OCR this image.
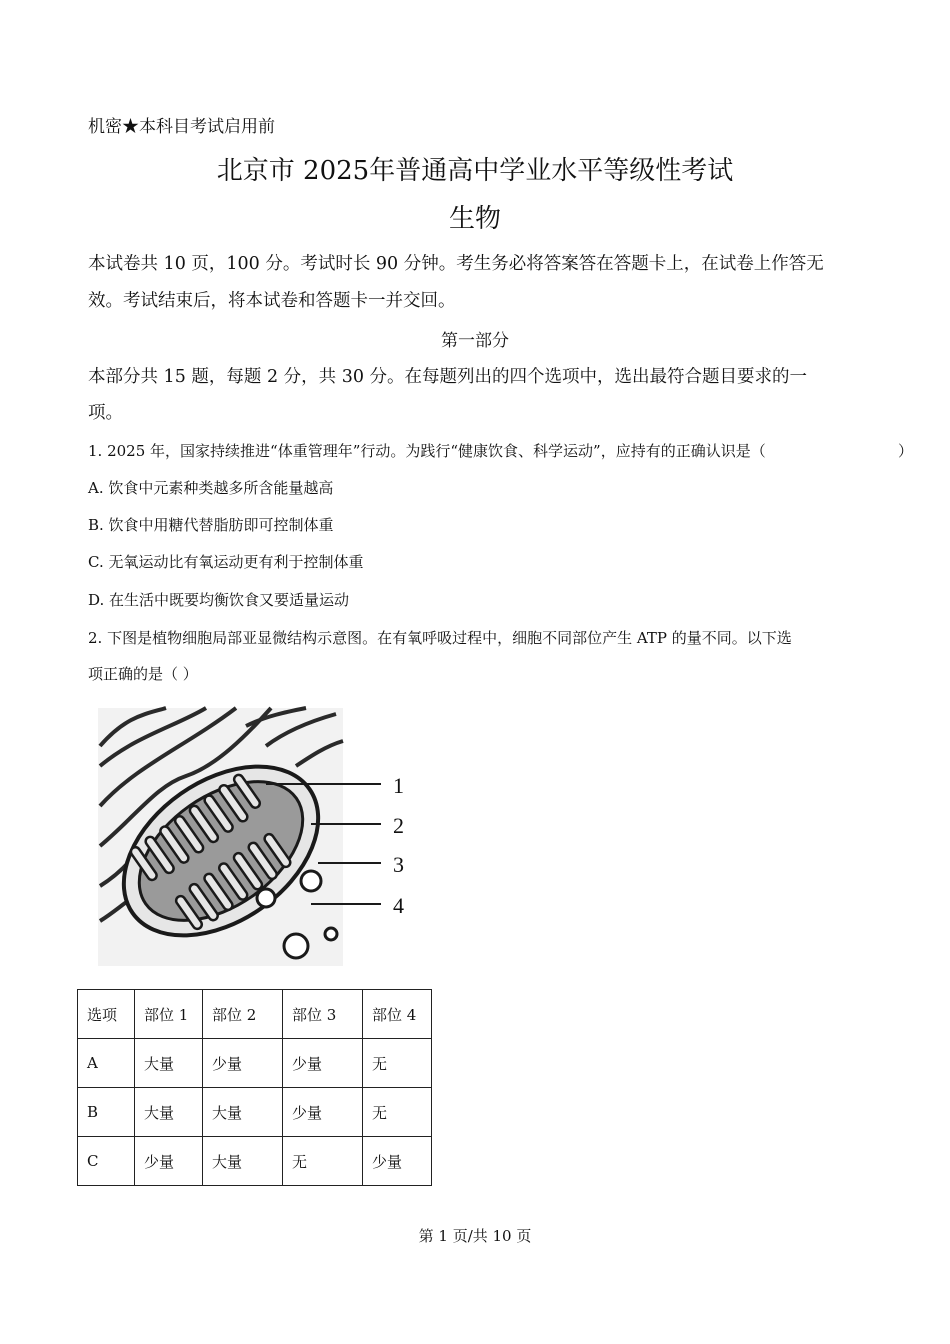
机密★本科目考试启用前
北京市 2025年普通高中学业水平等级性考试
生物
本试卷共 10 页，100 分。考试时长 90 分钟。考生务必将答案答在答题卡上，在试卷上作答无
效。考试结束后，将本试卷和答题卡一并交回。
第一部分
本部分共 15 题，每题 2 分，共 30 分。在每题列出的四个选项中，选出最符合题目要求的一
项。
1. 2025 年，国家持续推进“体重管理年”行动。为践行“健康饮食、科学运动”，应持有的正确认识是（	）
A. 饮食中元素种类越多所含能量越高
B. 饮食中用糖代替脂肪即可控制体重
C. 无氧运动比有氧运动更有利于控制体重
D. 在生活中既要均衡饮食又要适量运动
2. 下图是植物细胞局部亚显微结构示意图。在有氧呼吸过程中，细胞不同部位产生 ATP 的量不同。以下选
项正确的是（ ）
1
2
3
4
选项	部位 1	部位 2	部位 3	部位 4
A	大量	少量	少量	无
B	大量	大量	少量	无
C	少量	大量	无	少量
第 1 页/共 10 页
